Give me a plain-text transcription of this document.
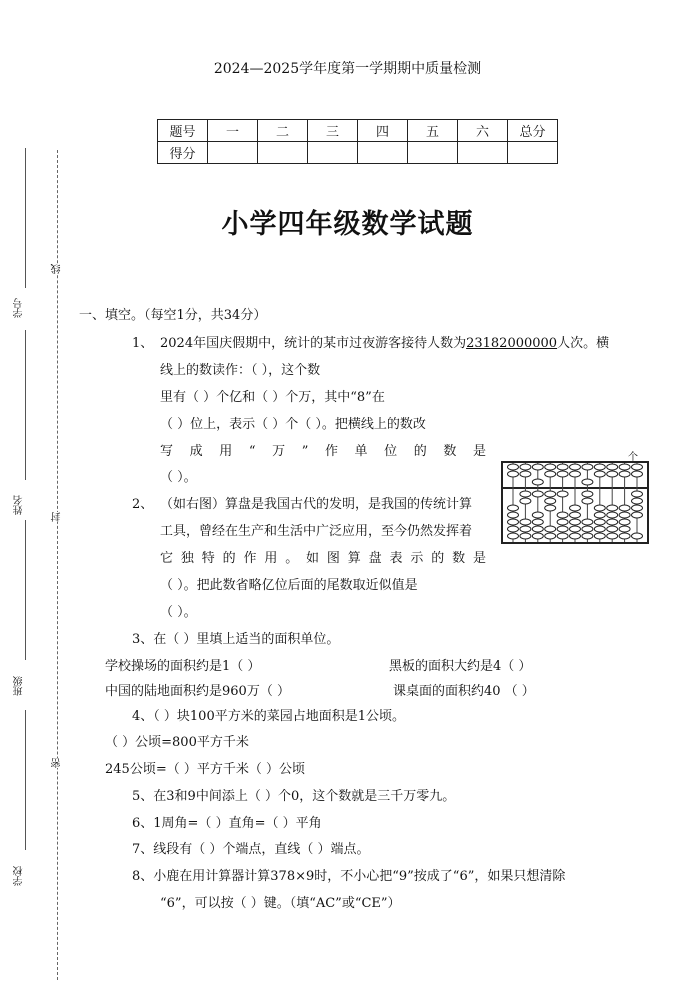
学号
姓名
班级
学校
线
封
密
2024—2025学年度第一学期期中质量检测
题号	一	二	三	四	五	六	总分
得分							
小学四年级数学试题
一、填空。（每空1分，共34分）
1、 2024年国庆假期中，统计的某市过夜游客接待人数为23182000000人次。横
线上的数读作：（ ），这个数
里有（ ）个亿和（ ）个万，其中“8”在
（ ）位上，表示（ ）个（ ）。把横线上的数改
写成用“万”作单位的数是
（ ）。
个
2、 （如右图）算盘是我国古代的发明，是我国的传统计算
工具，曾经在生产和生活中广泛应用，至今仍然发挥着
它独特的作用。如图算盘表示的数是
（ ）。把此数省略亿位后面的尾数取近似值是
（ ）。
3、在（ ）里填上适当的面积单位。
学校操场的面积约是1（ ）	黑板的面积大约是4（ ）
中国的陆地面积约是960万（ ）	课桌面的面积约40 （ ）
4、（ ）块100平方米的菜园占地面积是1公顷。
（ ）公顷=800平方千米
245公顷=（ ）平方千米（ ）公顷
5、在3和9中间添上（ ）个0，这个数就是三千万零九。
6、1周角=（ ）直角=（ ）平角
7、线段有（ ）个端点，直线（ ）端点。
8、小鹿在用计算器计算378×9时，不小心把“9”按成了“6”，如果只想清除
“6”，可以按（ ）键。（填“AC”或“CE”）
